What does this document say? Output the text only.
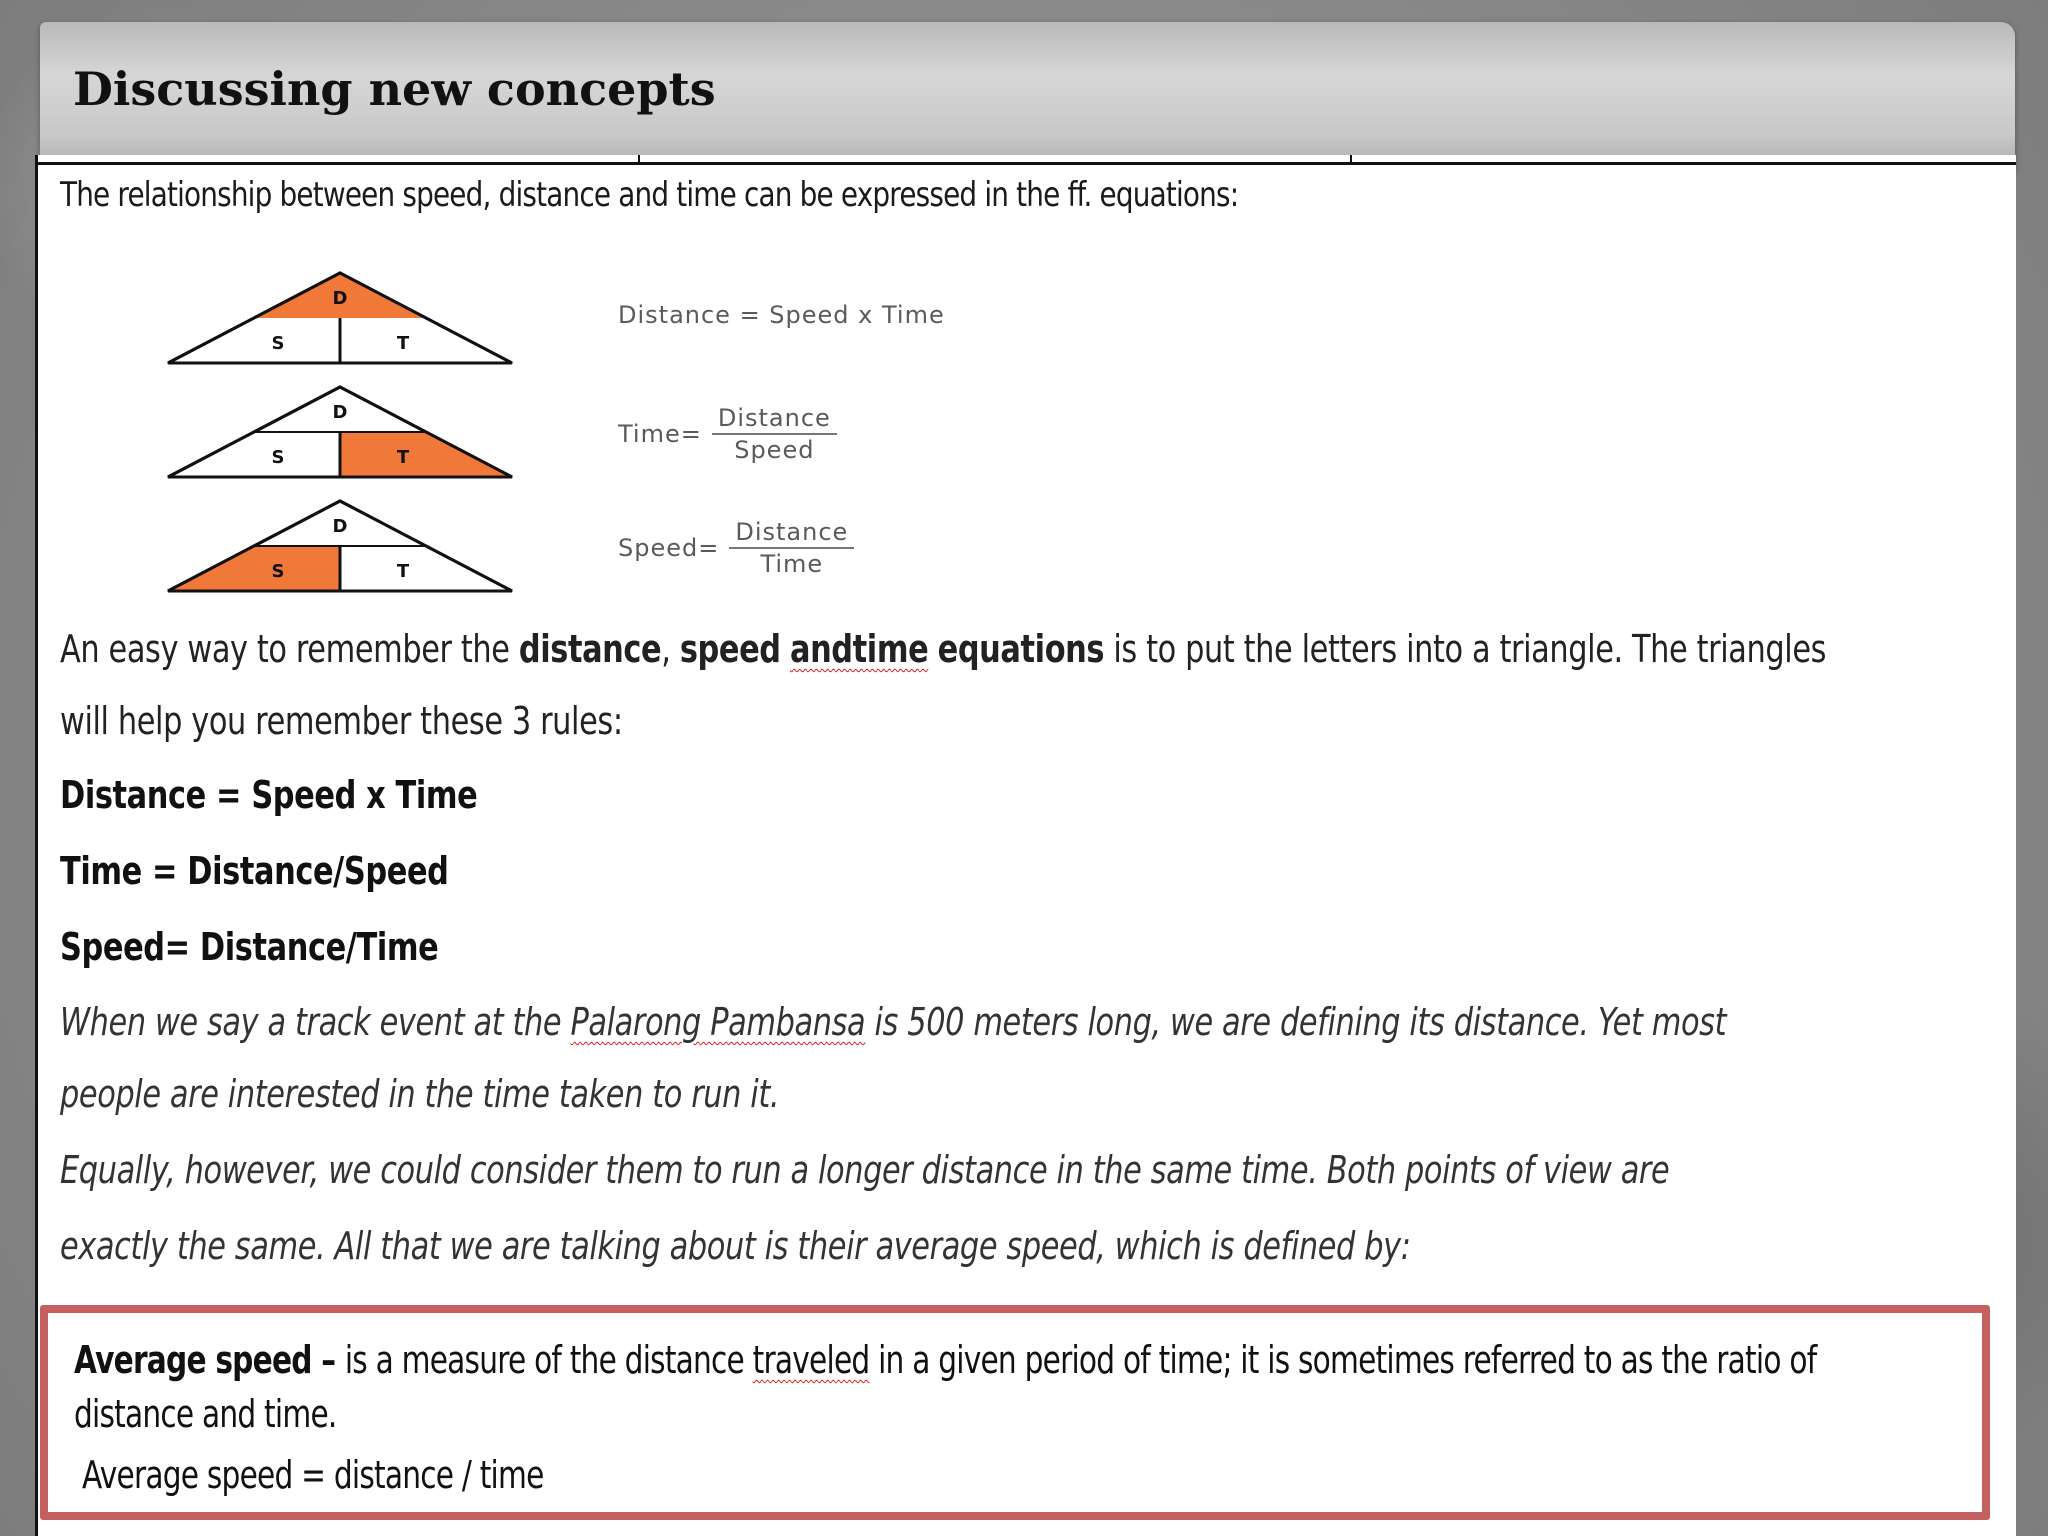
Discussing new concepts

The relationship between speed, distance and time can be expressed in the ff. equations:

D
S	T
D
S	T
D
S	T
Distance = Speed x Time
Time= $\frac{\text{Distance}}{\text{Speed}}$
Speed= $\frac{\text{Distance}}{\text{Time}}$

An easy way to remember the distance, speed andtime equations is to put the letters into a triangle. The triangles

will help you remember these 3 rules:

Distance = Speed x Time

Time = Distance/Speed

Speed= Distance/Time

When we say a track event at the Palarong Pambansa is 500 meters long, we are defining its distance. Yet most

people are interested in the time taken to run it.

Equally, however, we could consider them to run a longer distance in the same time. Both points of view are

exactly the same. All that we are talking about is their average speed, which is defined by:

Average speed – is a measure of the distance traveled in a given period of time; it is sometimes referred to as the ratio of distance and time.

Average speed = distance / time
